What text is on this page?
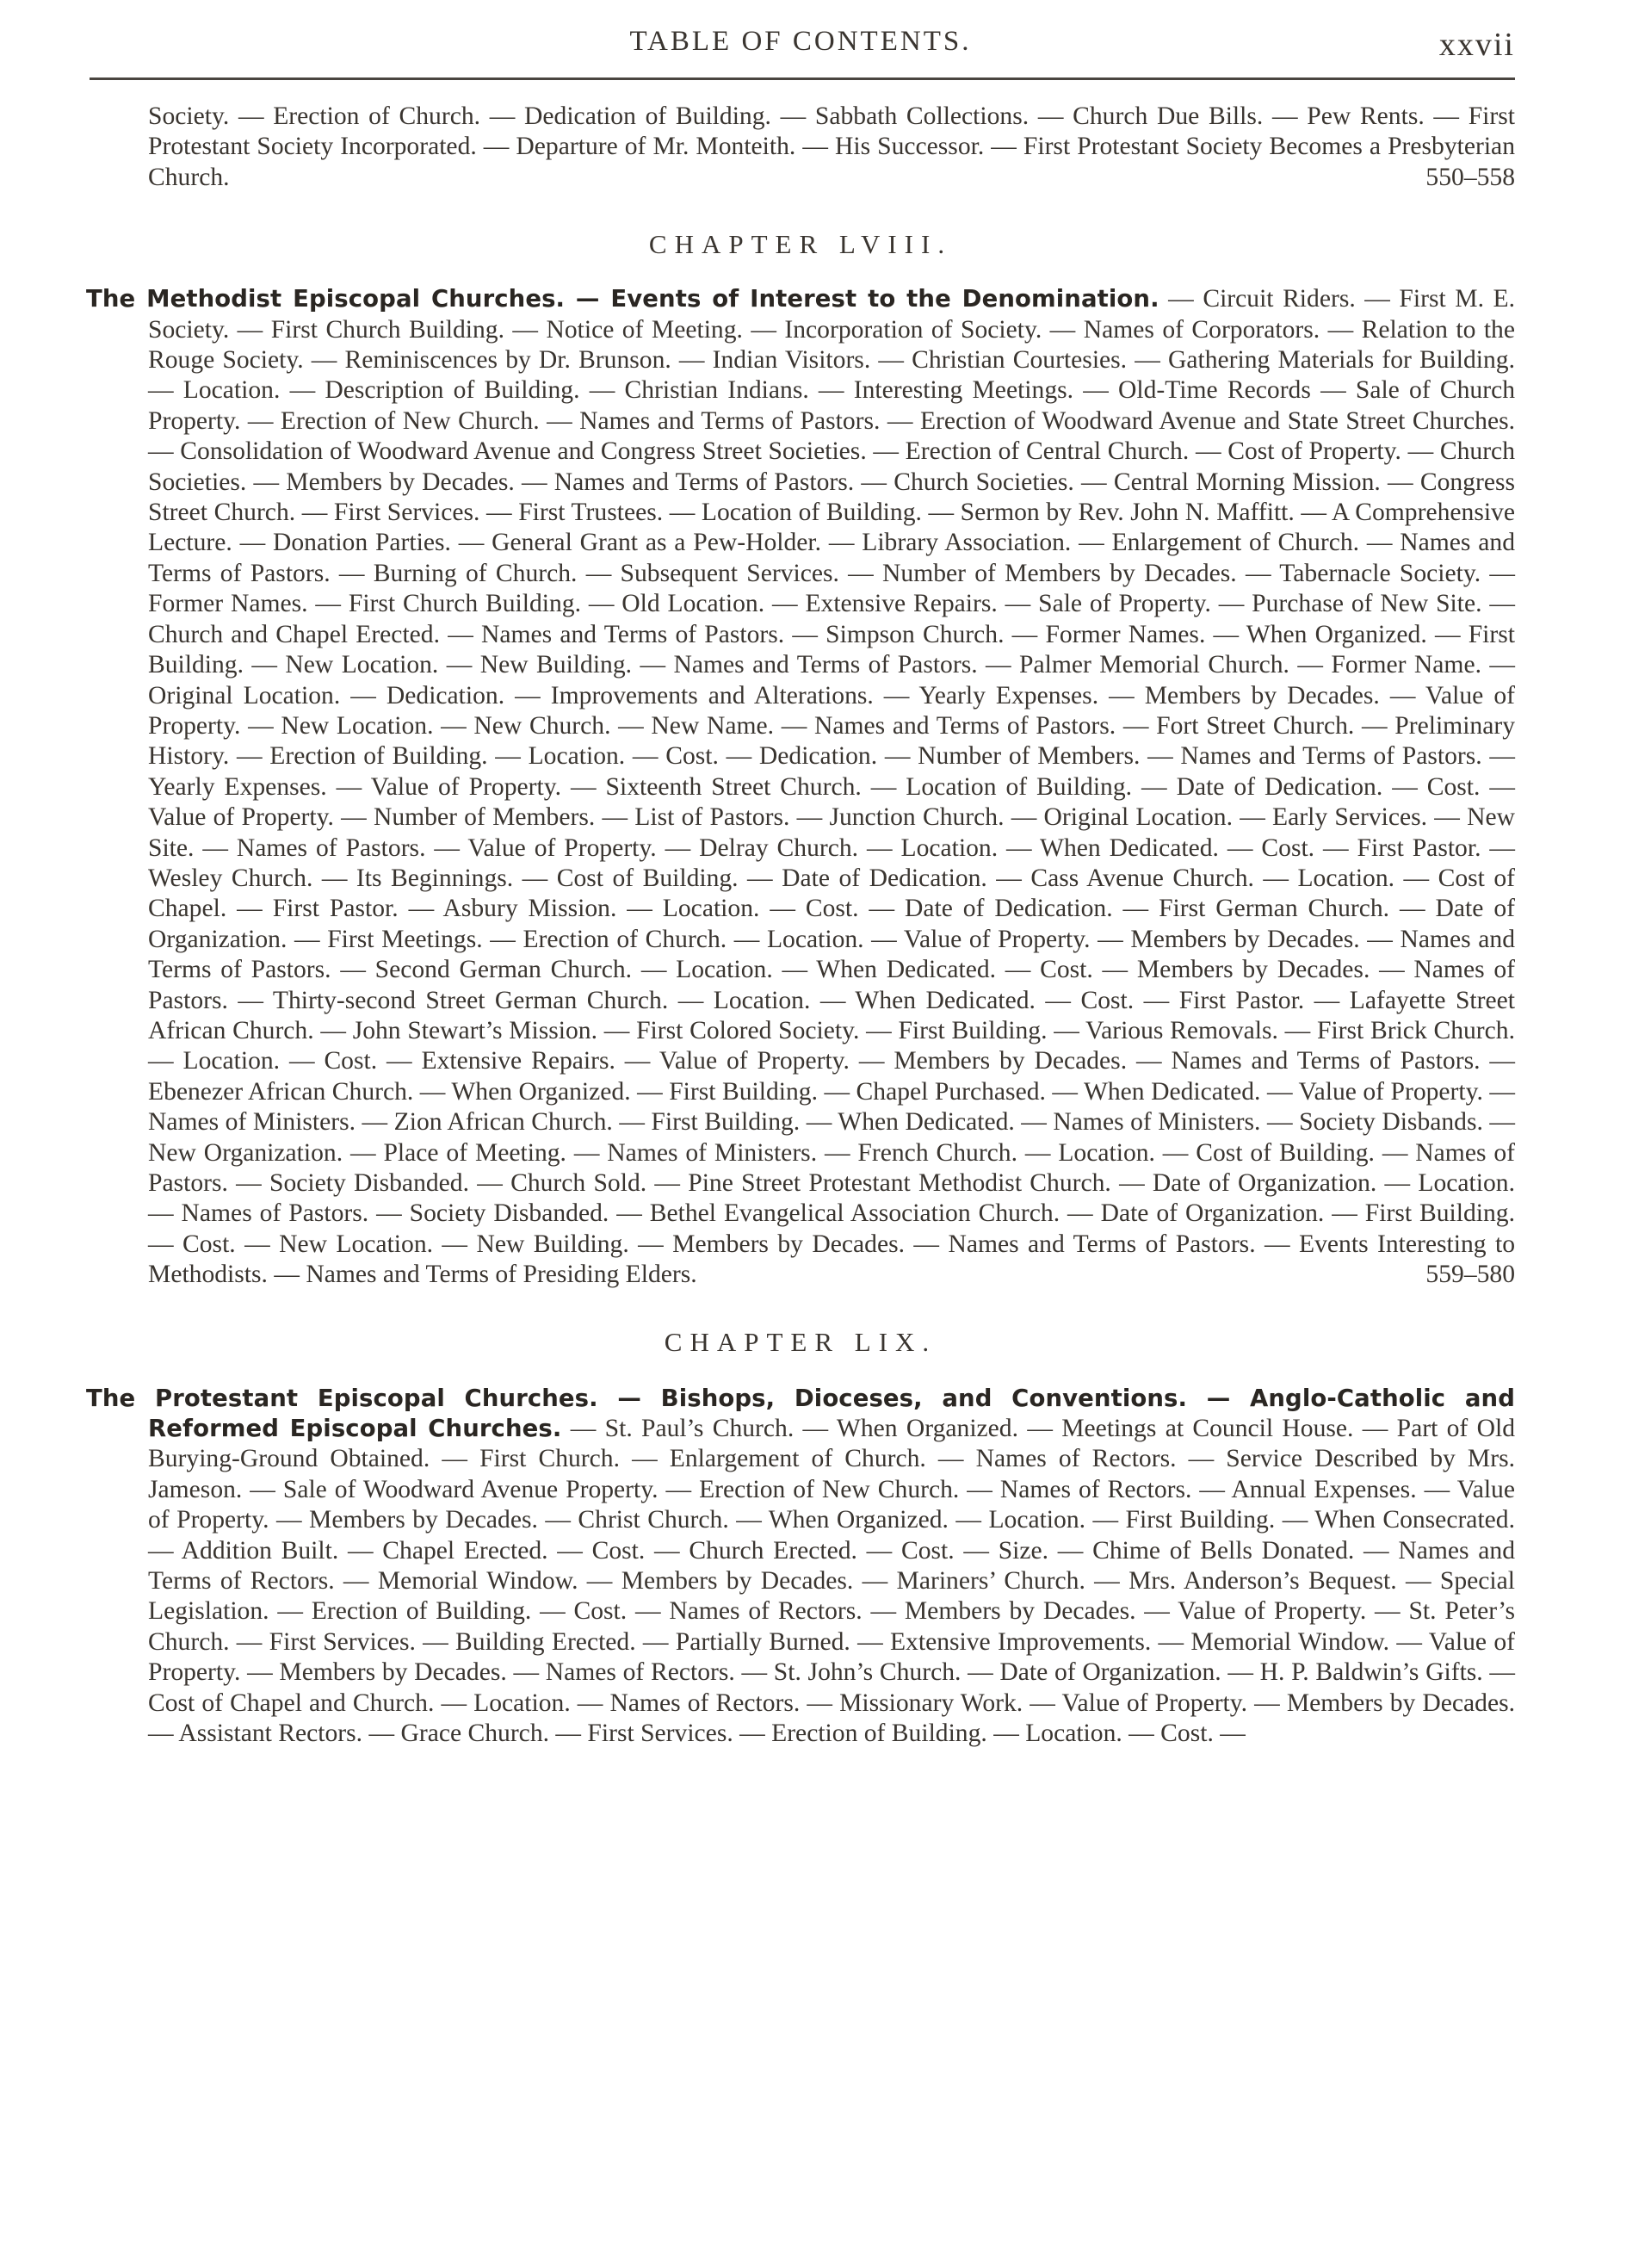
TABLE OF CONTENTS.	xxvii

Society. — Erection of Church. — Dedication of Building. — Sabbath Collections. — Church Due Bills. — Pew Rents. — First Protestant Society Incorporated. — Departure of Mr. Monteith. — His Successor. — First Protestant Society Becomes a Presbyterian Church.	550–558

CHAPTER LVIII.

The Methodist Episcopal Churches. — Events of Interest to the Denomination. — Circuit Riders. — First M. E. Society. — First Church Building. — Notice of Meeting. — Incorporation of Society. — Names of Corporators. — Relation to the Rouge Society. — Reminiscences by Dr. Brunson. — Indian Visitors. — Christian Courtesies. — Gathering Materials for Building. — Location. — Description of Building. — Christian Indians. — Interesting Meetings. — Old-Time Records — Sale of Church Property. — Erection of New Church. — Names and Terms of Pastors. — Erection of Woodward Avenue and State Street Churches. — Consolidation of Woodward Avenue and Congress Street Societies. — Erection of Central Church. — Cost of Property. — Church Societies. — Members by Decades. — Names and Terms of Pastors. — Church Societies. — Central Morning Mission. — Congress Street Church. — First Services. — First Trustees. — Location of Building. — Sermon by Rev. John N. Maffitt. — A Comprehensive Lecture. — Donation Parties. — General Grant as a Pew-Holder. — Library Association. — Enlargement of Church. — Names and Terms of Pastors. — Burning of Church. — Subsequent Services. — Number of Members by Decades. — Tabernacle Society. — Former Names. — First Church Building. — Old Location. — Extensive Repairs. — Sale of Property. — Purchase of New Site. — Church and Chapel Erected. — Names and Terms of Pastors. — Simpson Church. — Former Names. — When Organized. — First Building. — New Location. — New Building. — Names and Terms of Pastors. — Palmer Memorial Church. — Former Name. — Original Location. — Dedication. — Improvements and Alterations. — Yearly Expenses. — Members by Decades. — Value of Property. — New Location. — New Church. — New Name. — Names and Terms of Pastors. — Fort Street Church. — Preliminary History. — Erection of Building. — Location. — Cost. — Dedication. — Number of Members. — Names and Terms of Pastors. — Yearly Expenses. — Value of Property. — Sixteenth Street Church. — Location of Building. — Date of Dedication. — Cost. — Value of Property. — Number of Members. — List of Pastors. — Junction Church. — Original Location. — Early Services. — New Site. — Names of Pastors. — Value of Property. — Delray Church. — Location. — When Dedicated. — Cost. — First Pastor. — Wesley Church. — Its Beginnings. — Cost of Building. — Date of Dedication. — Cass Avenue Church. — Location. — Cost of Chapel. — First Pastor. — Asbury Mission. — Location. — Cost. — Date of Dedication. — First German Church. — Date of Organization. — First Meetings. — Erection of Church. — Location. — Value of Property. — Members by Decades. — Names and Terms of Pastors. — Second German Church. — Location. — When Dedicated. — Cost. — Members by Decades. — Names of Pastors. — Thirty-second Street German Church. — Location. — When Dedicated. — Cost. — First Pastor. — Lafayette Street African Church. — John Stewart’s Mission. — First Colored Society. — First Building. — Various Removals. — First Brick Church. — Location. — Cost. — Extensive Repairs. — Value of Property. — Members by Decades. — Names and Terms of Pastors. — Ebenezer African Church. — When Organized. — First Building. — Chapel Purchased. — When Dedicated. — Value of Property. — Names of Ministers. — Zion African Church. — First Building. — When Dedicated. — Names of Ministers. — Society Disbands. — New Organization. — Place of Meeting. — Names of Ministers. — French Church. — Location. — Cost of Building. — Names of Pastors. — Society Disbanded. — Church Sold. — Pine Street Protestant Methodist Church. — Date of Organization. — Location. — Names of Pastors. — Society Disbanded. — Bethel Evangelical Association Church. — Date of Organization. — First Building. — Cost. — New Location. — New Building. — Members by Decades. — Names and Terms of Pastors. — Events Interesting to Methodists. — Names and Terms of Presiding Elders.	559–580

CHAPTER LIX.

The Protestant Episcopal Churches. — Bishops, Dioceses, and Conventions. — Anglo-Catholic and Reformed Episcopal Churches. — St. Paul’s Church. — When Organized. — Meetings at Council House. — Part of Old Burying-Ground Obtained. — First Church. — Enlargement of Church. — Names of Rectors. — Service Described by Mrs. Jameson. — Sale of Woodward Avenue Property. — Erection of New Church. — Names of Rectors. — Annual Expenses. — Value of Property. — Members by Decades. — Christ Church. — When Organized. — Location. — First Building. — When Consecrated. — Addition Built. — Chapel Erected. — Cost. — Church Erected. — Cost. — Size. — Chime of Bells Donated. — Names and Terms of Rectors. — Memorial Window. — Members by Decades. — Mariners’ Church. — Mrs. Anderson’s Bequest. — Special Legislation. — Erection of Building. — Cost. — Names of Rectors. — Members by Decades. — Value of Property. — St. Peter’s Church. — First Services. — Building Erected. — Partially Burned. — Extensive Improvements. — Memorial Window. — Value of Property. — Members by Decades. — Names of Rectors. — St. John’s Church. — Date of Organization. — H. P. Baldwin’s Gifts. — Cost of Chapel and Church. — Location. — Names of Rectors. — Missionary Work. — Value of Property. — Members by Decades. — Assistant Rectors. — Grace Church. — First Services. — Erection of Building. — Location. — Cost. —
